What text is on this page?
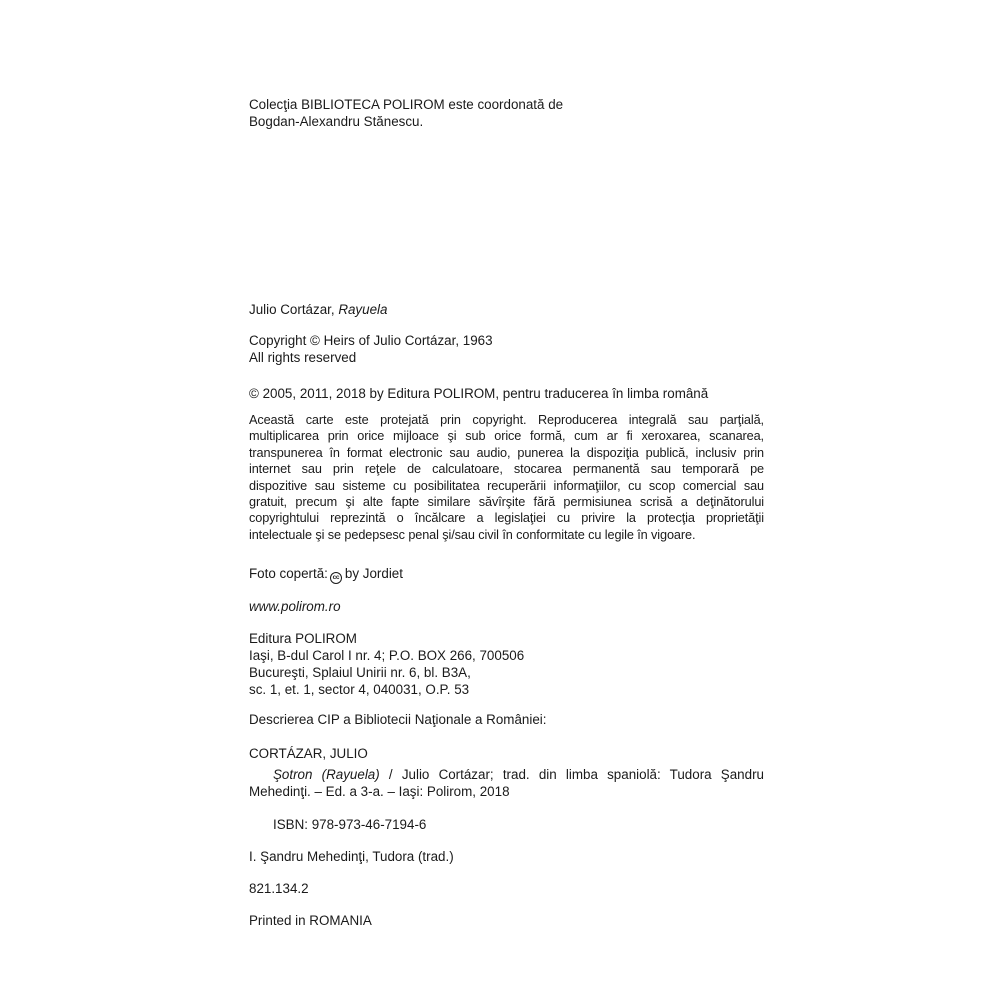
Colecţia BIBLIOTECA POLIROM este coordonată de
Bogdan-Alexandru Stănescu.
Julio Cortázar, Rayuela
Copyright © Heirs of Julio Cortázar, 1963
All rights reserved
© 2005, 2011, 2018 by Editura POLIROM, pentru traducerea în limba română
Această carte este protejată prin copyright. Reproducerea integrală sau parţială,
multiplicarea prin orice mijloace şi sub orice formă, cum ar fi xeroxarea, scanarea,
transpunerea în format electronic sau audio, punerea la dispoziţia publică, inclusiv prin
internet sau prin reţele de calculatoare, stocarea permanentă sau temporară pe
dispozitive sau sisteme cu posibilitatea recuperării informaţiilor, cu scop comercial sau
gratuit, precum şi alte fapte similare săvîrşite fără permisiunea scrisă a deţinătorului
copyrightului reprezintă o încălcare a legislaţiei cu privire la protecţia proprietăţii
intelectuale şi se pedepsesc penal şi/sau civil în conformitate cu legile în vigoare.
Foto copertă: cc by Jordiet
www.polirom.ro
Editura POLIROM
Iaşi, B-dul Carol I nr. 4; P.O. BOX 266, 700506
Bucureşti, Splaiul Unirii nr. 6, bl. B3A,
sc. 1, et. 1, sector 4, 040031, O.P. 53
Descrierea CIP a Bibliotecii Naţionale a României:
CORTÁZAR, JULIO
Şotron (Rayuela) / Julio Cortázar; trad. din limba spaniolă: Tudora Şandru
Mehedinţi. – Ed. a 3-a. – Iaşi: Polirom, 2018
ISBN: 978-973-46-7194-6
I. Şandru Mehedinţi, Tudora (trad.)
821.134.2
Printed in ROMANIA
